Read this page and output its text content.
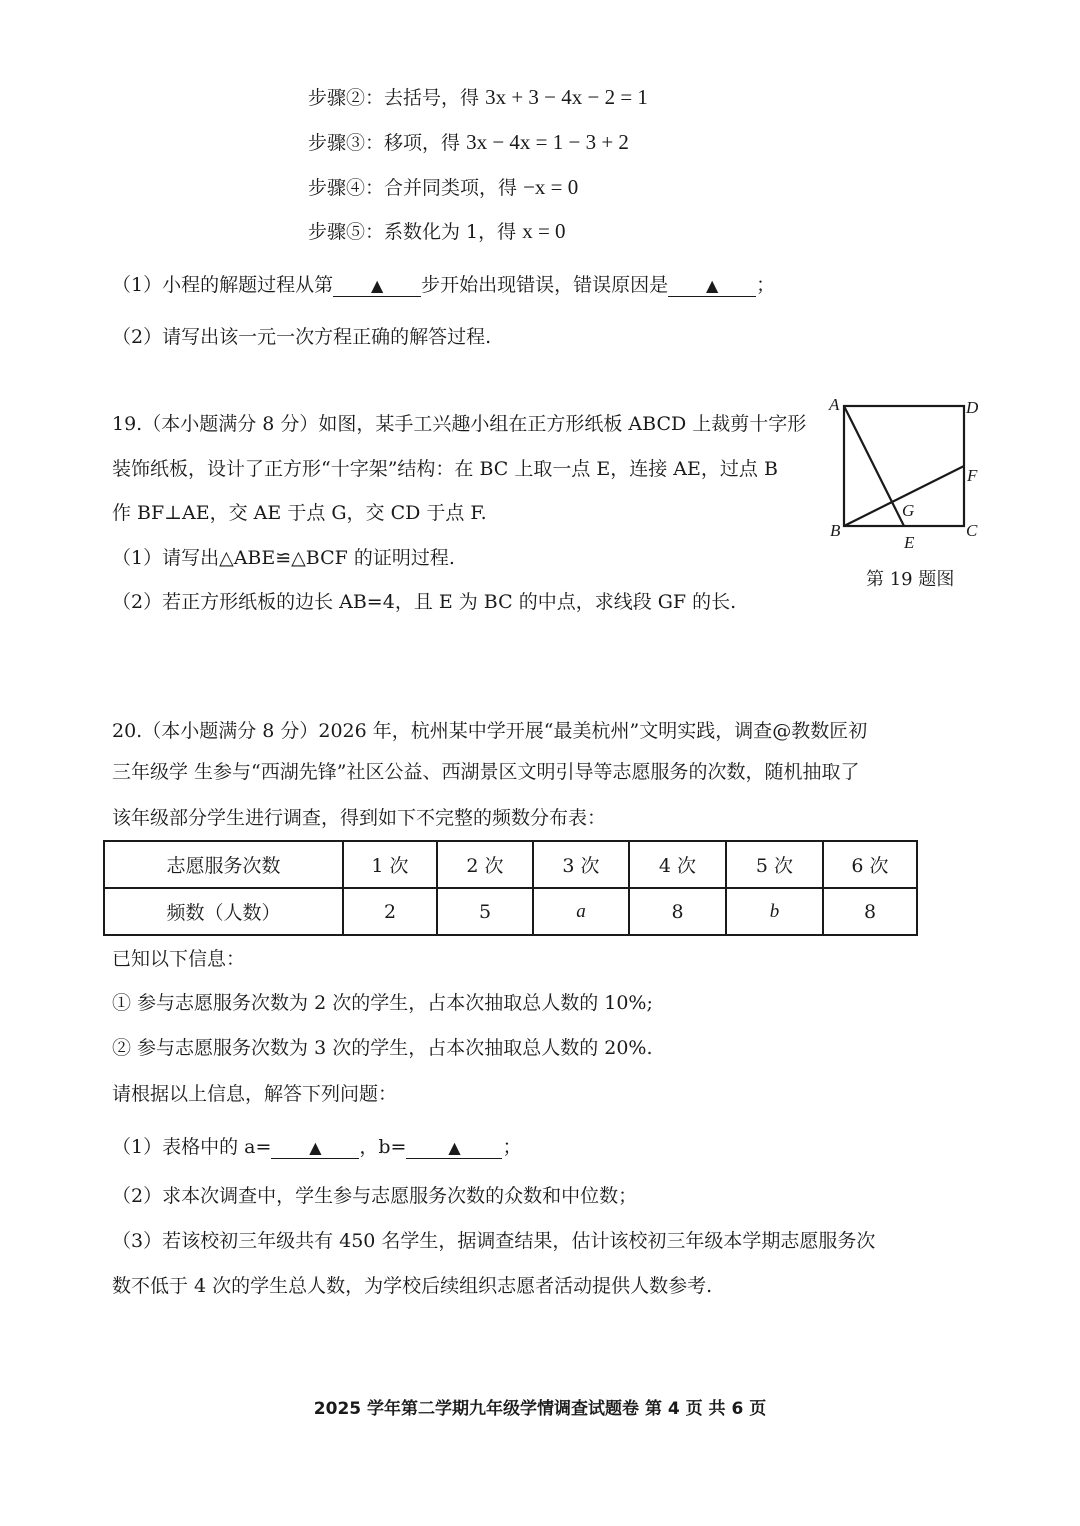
步骤②：去括号，得 3x + 3 − 4x − 2 = 1
步骤③：移项，得 3x − 4x = 1 − 3 + 2
步骤④：合并同类项，得 −x = 0
步骤⑤：系数化为 1，得 x = 0
（1）小程的解题过程从第 ▲ 步开始出现错误，错误原因是 ▲ ；
（2）请写出该一元一次方程正确的解答过程.
19.（本小题满分 8 分）如图，某手工兴趣小组在正方形纸板 ABCD 上裁剪十字形
装饰纸板，设计了正方形“十字架”结构：在 BC 上取一点 E，连接 AE，过点 B
作 BF⊥AE，交 AE 于点 G，交 CD 于点 F.
（1）请写出△ABE≌△BCF 的证明过程.
（2）若正方形纸板的边长 AB=4，且 E 为 BC 的中点，求线段 GF 的长.
A	D
F
G
B	C
E
第 19 题图
20.（本小题满分 8 分）2026 年，杭州某中学开展“最美杭州”文明实践，调查@教数匠初
三年级学 生参与“西湖先锋”社区公益、西湖景区文明引导等志愿服务的次数，随机抽取了
该年级部分学生进行调查，得到如下不完整的频数分布表：
志愿服务次数	1 次	2 次	3 次	4 次	5 次	6 次
频数（人数）	2	5	a	8	b	8
已知以下信息：
① 参与志愿服务次数为 2 次的学生，占本次抽取总人数的 10%;
② 参与志愿服务次数为 3 次的学生，占本次抽取总人数的 20%.
请根据以上信息，解答下列问题：
（1）表格中的 a= ▲ ，b=	▲ ；
（2）求本次调查中，学生参与志愿服务次数的众数和中位数；
（3）若该校初三年级共有 450 名学生，据调查结果，估计该校初三年级本学期志愿服务次
数不低于 4 次的学生总人数，为学校后续组织志愿者活动提供人数参考.
2025 学年第二学期九年级学情调查试题卷 第 4 页 共 6 页
